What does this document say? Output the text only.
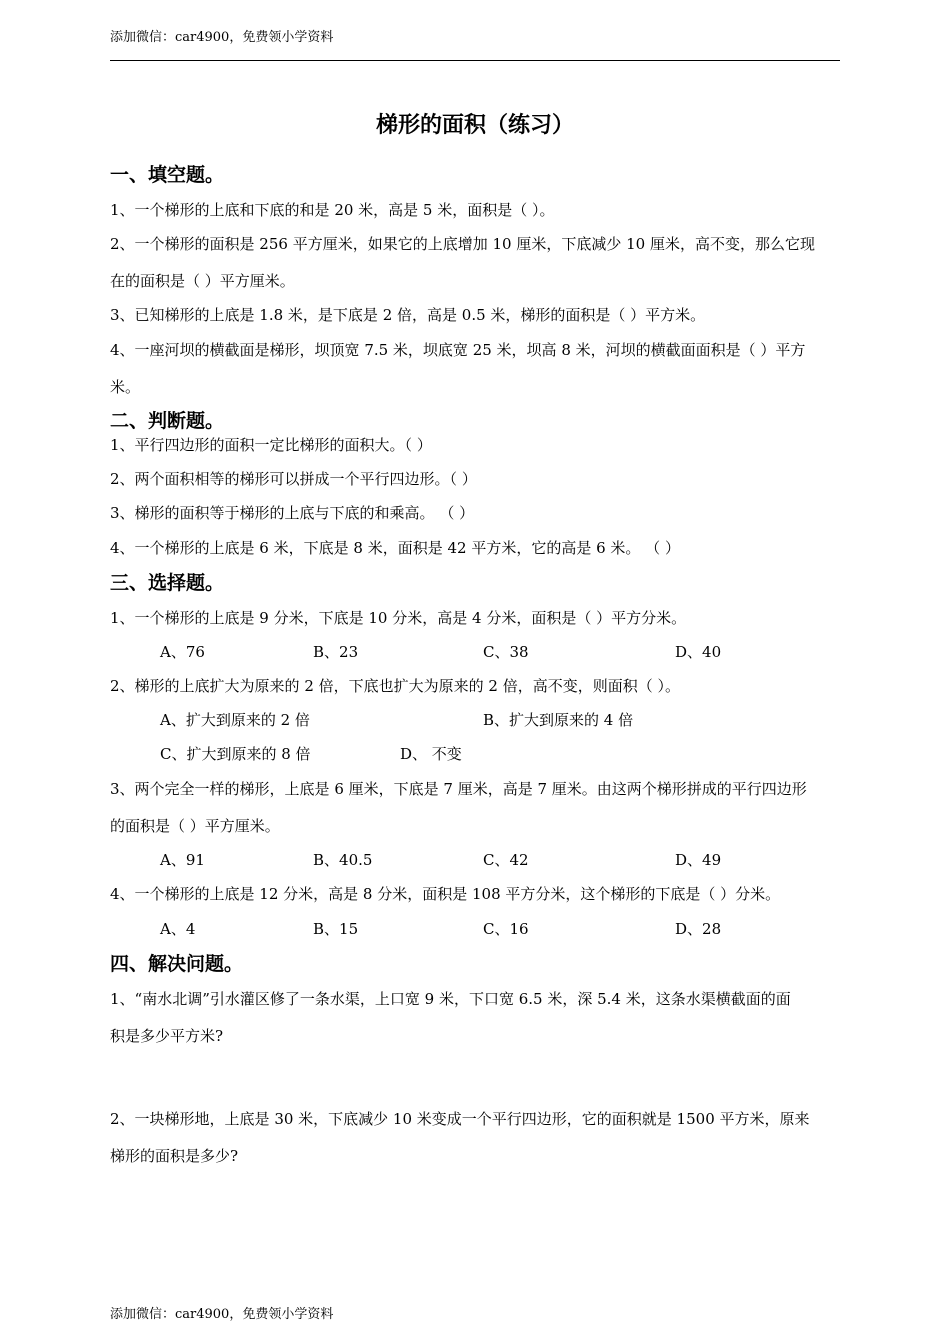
添加微信：car4900，免费领小学资料
梯形的面积（练习）
一、填空题。
1、一个梯形的上底和下底的和是 20 米，高是 5 米，面积是（ ）。
2、一个梯形的面积是 256 平方厘米，如果它的上底增加 10 厘米，下底减少 10 厘米，高不变，那么它现
在的面积是（ ）平方厘米。
3、已知梯形的上底是 1.8 米，是下底是 2 倍，高是 0.5 米，梯形的面积是（ ）平方米。
4、一座河坝的横截面是梯形，坝顶宽 7.5 米，坝底宽 25 米，坝高 8 米，河坝的横截面面积是（ ）平方
米。
二、判断题。
1、平行四边形的面积一定比梯形的面积大。（ ）
2、两个面积相等的梯形可以拼成一个平行四边形。（ ）
3、梯形的面积等于梯形的上底与下底的和乘高。 （ ）
4、一个梯形的上底是 6 米，下底是 8 米，面积是 42 平方米，它的高是 6 米。 （ ）
三、选择题。
1、一个梯形的上底是 9 分米，下底是 10 分米，高是 4 分米，面积是（ ）平方分米。
A、76	B、23	C、38	D、40
2、梯形的上底扩大为原来的 2 倍，下底也扩大为原来的 2 倍，高不变，则面积（ ）。
A、扩大到原来的 2 倍	B、扩大到原来的 4 倍
C、扩大到原来的 8 倍	D、 不变
3、两个完全一样的梯形，上底是 6 厘米，下底是 7 厘米，高是 7 厘米。由这两个梯形拼成的平行四边形
的面积是（ ）平方厘米。
A、91	B、40.5	C、42	D、49
4、一个梯形的上底是 12 分米，高是 8 分米，面积是 108 平方分米，这个梯形的下底是（ ）分米。
A、4	B、15	C、16	D、28
四、解决问题。
1、“南水北调”引水灌区修了一条水渠，上口宽 9 米，下口宽 6.5 米，深 5.4 米，这条水渠横截面的面
积是多少平方米?
2、一块梯形地，上底是 30 米，下底减少 10 米变成一个平行四边形，它的面积就是 1500 平方米，原来
梯形的面积是多少?
添加微信：car4900，免费领小学资料
